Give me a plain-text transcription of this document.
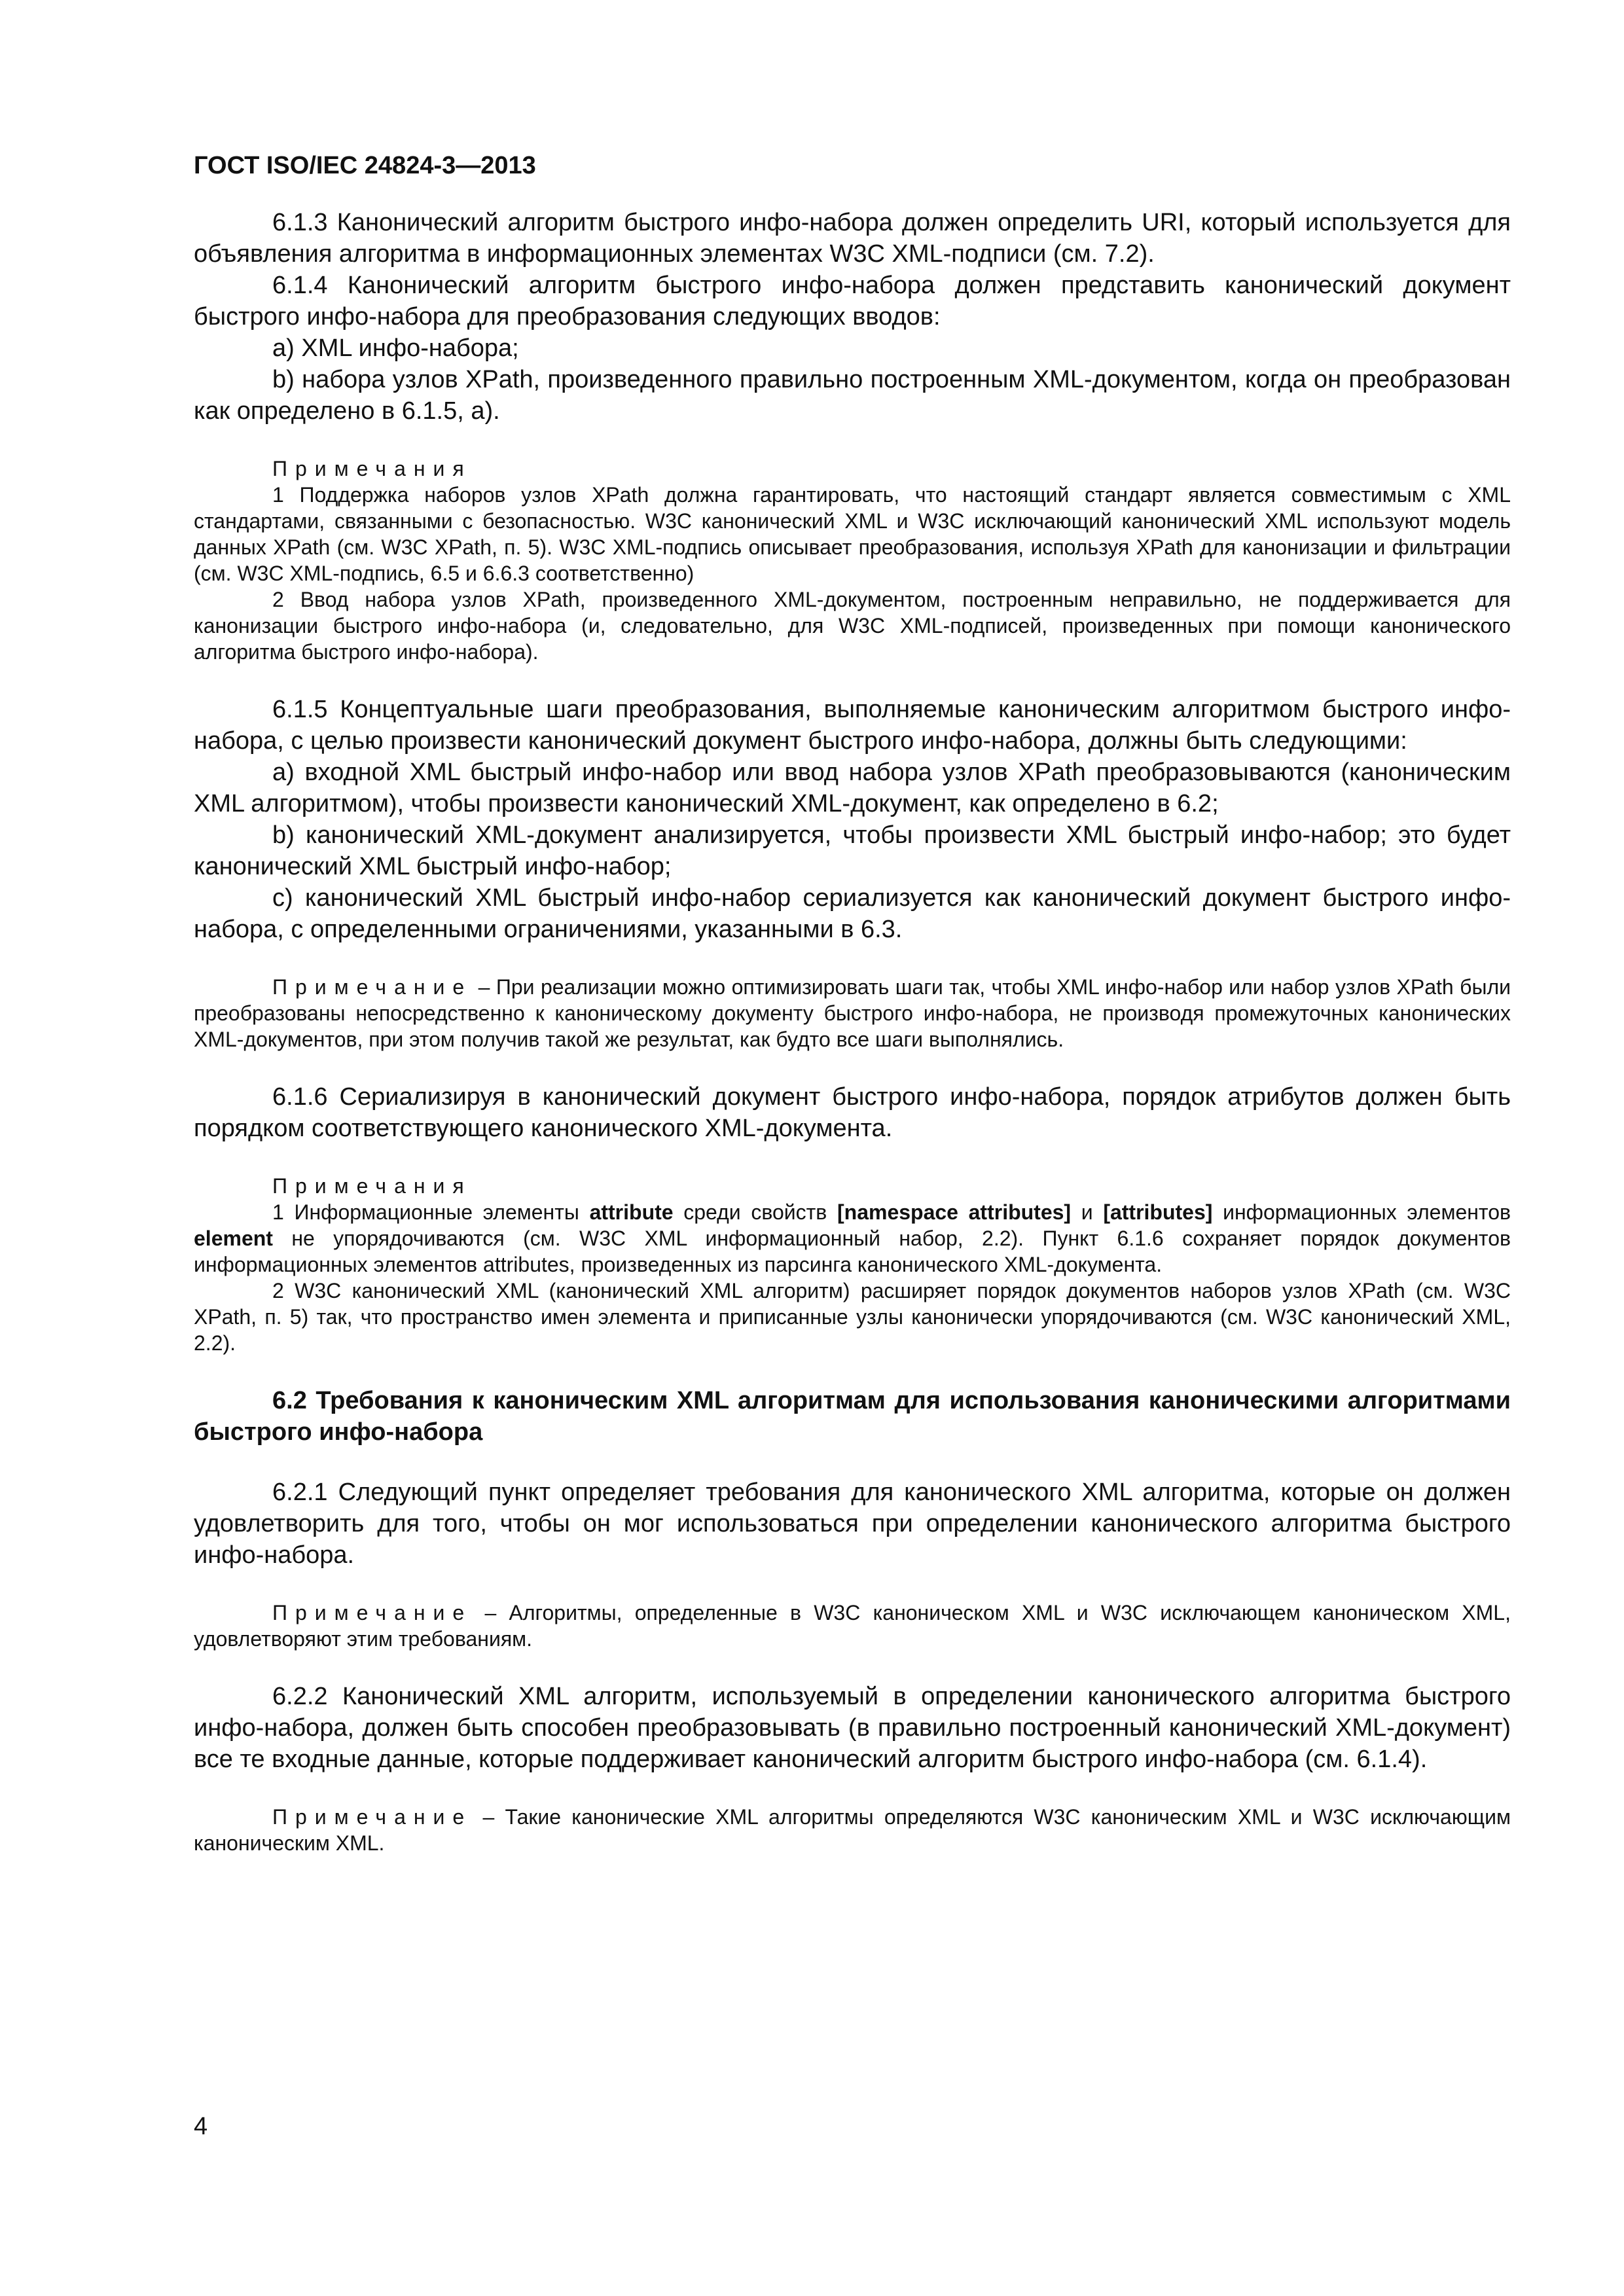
ГОСТ ISO/IEC 24824-3—2013

6.1.3 Канонический алгоритм быстрого инфо-набора должен определить URI, который используется для объявления алгоритма в информационных элементах W3C XML-подписи (см. 7.2).

6.1.4 Канонический алгоритм быстрого инфо-набора должен представить канонический документ быстрого инфо-набора для преобразования следующих вводов:

a) XML инфо-набора;

b) набора узлов XPath, произведенного правильно построенным XML-документом, когда он преобразован как определено в 6.1.5, а).

Примечания

1 Поддержка наборов узлов XPath должна гарантировать, что настоящий стандарт является совместимым с XML стандартами, связанными с безопасностью. W3C канонический XML и W3C исключающий канонический XML используют модель данных XPath (см. W3C XPath, п. 5). W3C XML-подпись описывает преобразования, используя XPath для канонизации и фильтрации (см. W3C XML-подпись, 6.5 и 6.6.3 соответственно)

2 Ввод набора узлов XPath, произведенного XML-документом, построенным неправильно, не поддерживается для канонизации быстрого инфо-набора (и, следовательно, для W3C XML-подписей, произведенных при помощи канонического алгоритма быстрого инфо-набора).

6.1.5 Концептуальные шаги преобразования, выполняемые каноническим алгоритмом быстрого инфо-набора, с целью произвести канонический документ быстрого инфо-набора, должны быть следующими:

a) входной XML быстрый инфо-набор или ввод набора узлов XPath преобразовываются (каноническим XML алгоритмом), чтобы произвести канонический XML-документ, как определено в 6.2;

b) канонический XML-документ анализируется, чтобы произвести XML быстрый инфо-набор; это будет канонический XML быстрый инфо-набор;

c) канонический XML быстрый инфо-набор сериализуется как канонический документ быстрого инфо-набора, с определенными ограничениями, указанными в 6.3.

Примечание – При реализации можно оптимизировать шаги так, чтобы XML инфо-набор или набор узлов XPath были преобразованы непосредственно к каноническому документу быстрого инфо-набора, не производя промежуточных канонических XML-документов, при этом получив такой же результат, как будто все шаги выполнялись.

6.1.6 Сериализируя в канонический документ быстрого инфо-набора, порядок атрибутов должен быть порядком соответствующего канонического XML-документа.

Примечания

1 Информационные элементы attribute среди свойств [namespace attributes] и [attributes] информационных элементов element не упорядочиваются (см. W3C XML информационный набор, 2.2). Пункт 6.1.6 сохраняет порядок документов информационных элементов attributes, произведенных из парсинга канонического XML-документа.

2 W3C канонический XML (канонический XML алгоритм) расширяет порядок документов наборов узлов XPath (см. W3C XPath, п. 5) так, что пространство имен элемента и приписанные узлы канонически упорядочиваются (см. W3C канонический XML, 2.2).

6.2 Требования к каноническим XML алгоритмам для использования каноническими алгоритмами быстрого инфо-набора

6.2.1 Следующий пункт определяет требования для канонического XML алгоритма, которые он должен удовлетворить для того, чтобы он мог использоваться при определении канонического алгоритма быстрого инфо-набора.

Примечание – Алгоритмы, определенные в W3C каноническом XML и W3C исключающем каноническом XML, удовлетворяют этим требованиям.

6.2.2 Канонический XML алгоритм, используемый в определении канонического алгоритма быстрого инфо-набора, должен быть способен преобразовывать (в правильно построенный канонический XML-документ) все те входные данные, которые поддерживает канонический алгоритм быстрого инфо-набора (см. 6.1.4).

Примечание – Такие канонические XML алгоритмы определяются W3C каноническим XML и W3C исключающим каноническим XML.

4
